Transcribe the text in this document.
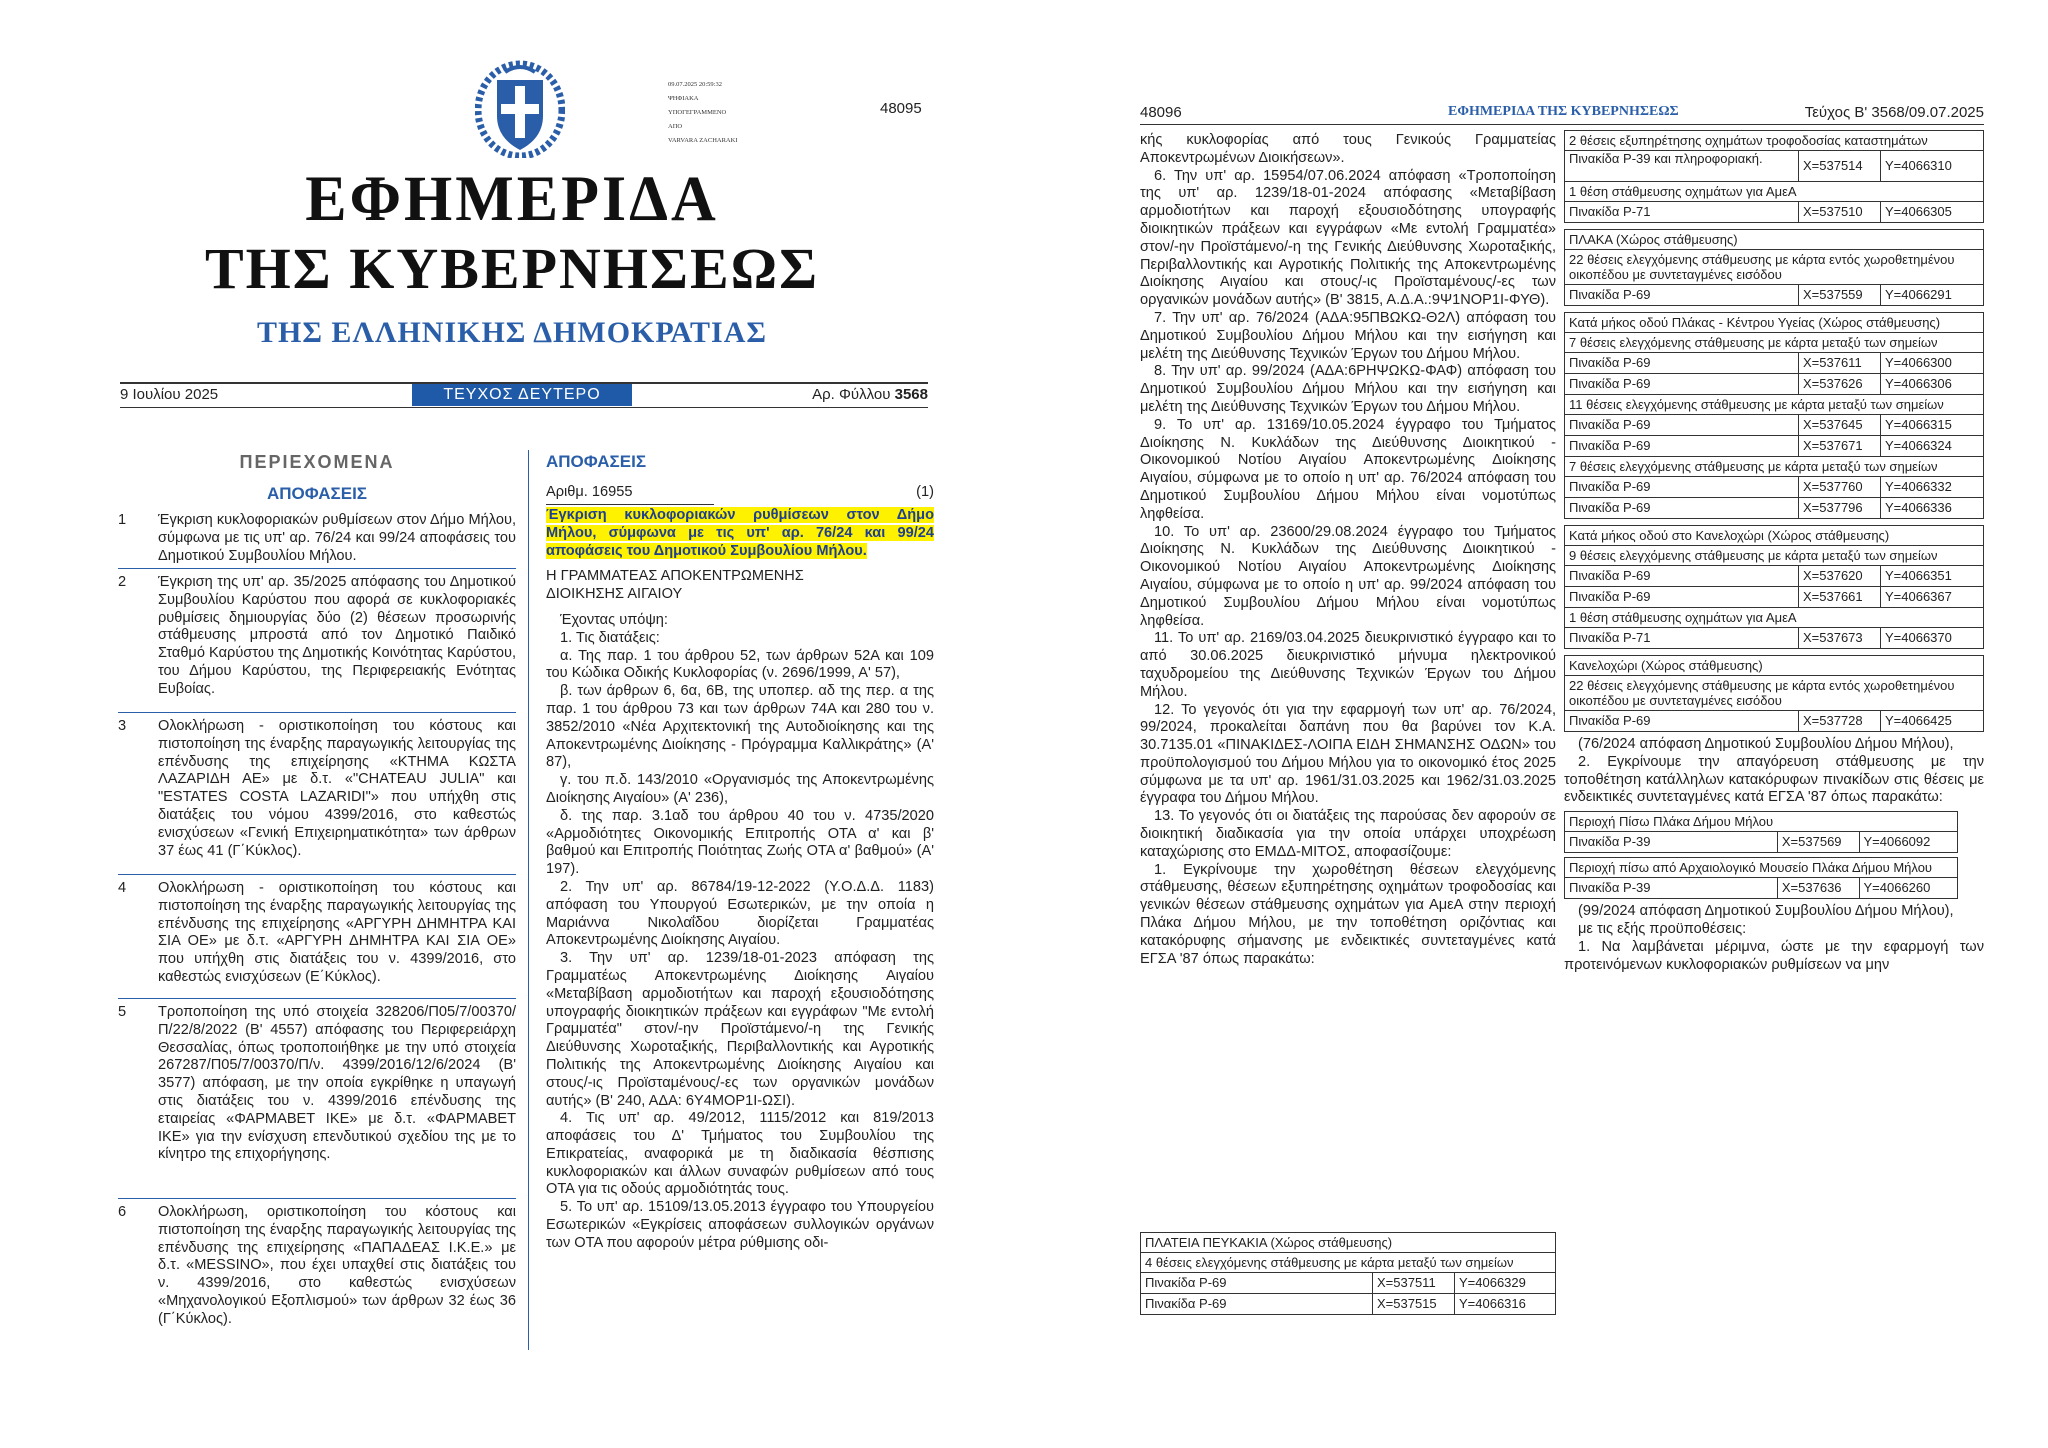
09.07.2025 20:59:32
ΨΗΦΙΑΚΑ
ΥΠΟΓΕΓΡΑΜΜΕΝΟ
ΑΠΟ
VARVARA ZACHARAKI
48095
ΕΦΗΜΕΡΙΔΑ
ΤΗΣ ΚΥΒΕΡΝΗΣΕΩΣ
ΤΗΣ ΕΛΛΗΝΙΚΗΣ ΔΗΜΟΚΡΑΤΙΑΣ
9 Ιουλίου 2025	ΤΕΥΧΟΣ ΔΕΥΤΕΡΟ	Αρ. Φύλλου 3568
ΠΕΡΙΕΧΟΜΕΝΑ
ΑΠΟΦΑΣΕΙΣ
1 Έγκριση κυκλοφοριακών ρυθμίσεων στον Δήμο Μήλου, σύμφωνα με τις υπ' αρ. 76/24 και 99/24 αποφάσεις του Δημοτικού Συμβουλίου Μήλου.

2 Έγκριση της υπ' αρ. 35/2025 απόφασης του Δημοτικού Συμβουλίου Καρύστου που αφορά σε κυκλοφοριακές ρυθμίσεις δημιουργίας δύο (2) θέσεων προσωρινής στάθμευσης μπροστά από τον Δημοτικό Παιδικό Σταθμό Καρύστου της Δημοτικής Κοινότητας Καρύστου, του Δήμου Καρύστου, της Περιφερειακής Ενότητας Ευβοίας.

3 Ολοκλήρωση - οριστικοποίηση του κόστους και πιστοποίηση της έναρξης παραγωγικής λειτουργίας της επένδυσης της επιχείρησης «ΚΤΗΜΑ ΚΩΣΤΑ ΛΑΖΑΡΙΔΗ ΑΕ» με δ.τ. «"CHATEAU JULIA" και "ESTATES COSTA LAZARIDI"» που υπήχθη στις διατάξεις του νόμου 4399/2016, στο καθεστώς ενισχύσεων «Γενική Επιχειρηματικότητα» των άρθρων 37 έως 41 (Γ΄Κύκλος).

4 Ολοκλήρωση - οριστικοποίηση του κόστους και πιστοποίηση της έναρξης παραγωγικής λειτουργίας της επένδυσης της επιχείρησης «ΑΡΓΥΡΗ ΔΗΜΗΤΡΑ ΚΑΙ ΣΙΑ ΟΕ» με δ.τ. «ΑΡΓΥΡΗ ΔΗΜΗΤΡΑ ΚΑΙ ΣΙΑ ΟΕ» που υπήχθη στις διατάξεις του ν. 4399/2016, στο καθεστώς ενισχύσεων (Ε΄Κύκλος).

5 Τροποποίηση της υπό στοιχεία 328206/Π05/7/00370/ Π/22/8/2022 (Β' 4557) απόφασης του Περιφερειάρχη Θεσσαλίας, όπως τροποποιήθηκε με την υπό στοιχεία 267287/Π05/7/00370/Π/ν. 4399/2016/12/6/2024 (Β' 3577) απόφαση, με την οποία εγκρίθηκε η υπαγωγή στις διατάξεις του ν. 4399/2016 επένδυσης της εταιρείας «ΦΑΡΜΑΒΕΤ ΙΚΕ» με δ.τ. «ΦΑΡΜΑΒΕΤ ΙΚΕ» για την ενίσχυση επενδυτικού σχεδίου της με το κίνητρο της επιχορήγησης.

6 Ολοκλήρωση, οριστικοποίηση του κόστους και πιστοποίηση της έναρξης παραγωγικής λειτουργίας της επένδυσης της επιχείρησης «ΠΑΠΑΔΕΑΣ Ι.Κ.Ε.» με δ.τ. «MESSINO», που έχει υπαχθεί στις διατάξεις του ν. 4399/2016, στο καθεστώς ενισχύσεων «Μηχανολογικού Εξοπλισμού» των άρθρων 32 έως 36 (Γ΄Κύκλος).

ΑΠΟΦΑΣΕΙΣ
Αριθμ. 16955	(1)

Έγκριση κυκλοφοριακών ρυθμίσεων στον Δήμο Μήλου, σύμφωνα με τις υπ' αρ. 76/24 και 99/24 αποφάσεις του Δημοτικού Συμβουλίου Μήλου.

Η ΓΡΑΜΜΑΤΕΑΣ ΑΠΟΚΕΝΤΡΩΜΕΝΗΣ

ΔΙΟΙΚΗΣΗΣ ΑΙΓΑΙΟΥ

Έχοντας υπόψη:

1. Τις διατάξεις:

α. Της παρ. 1 του άρθρου 52, των άρθρων 52Α και 109 του Κώδικα Οδικής Κυκλοφορίας (ν. 2696/1999, Α' 57),

β. των άρθρων 6, 6α, 6Β, της υποπερ. αδ της περ. α της παρ. 1 του άρθρου 73 και των άρθρων 74Α και 280 του ν. 3852/2010 «Νέα Αρχιτεκτονική της Αυτοδιοίκησης και της Αποκεντρωμένης Διοίκησης - Πρόγραμμα Καλλικράτης» (Α' 87),

γ. του π.δ. 143/2010 «Οργανισμός της Αποκεντρωμένης Διοίκησης Αιγαίου» (Α' 236),

δ. της παρ. 3.1αδ του άρθρου 40 του ν. 4735/2020 «Αρμοδιότητες Οικονομικής Επιτροπής ΟΤΑ α' και β' βαθμού και Επιτροπής Ποιότητας Ζωής ΟΤΑ α' βαθμού» (Α' 197).

2. Την υπ' αρ. 86784/19-12-2022 (Υ.Ο.Δ.Δ. 1183) απόφαση του Υπουργού Εσωτερικών, με την οποία η Μαριάννα Νικολαΐδου διορίζεται Γραμματέας Αποκεντρωμένης Διοίκησης Αιγαίου.

3. Την υπ' αρ. 1239/18-01-2023 απόφαση της Γραμματέως Αποκεντρωμένης Διοίκησης Αιγαίου «Μεταβίβαση αρμοδιοτήτων και παροχή εξουσιοδότησης υπογραφής διοικητικών πράξεων και εγγράφων "Με εντολή Γραμματέα" στον/-ην Προϊστάμενο/-η της Γενικής Διεύθυνσης Χωροταξικής, Περιβαλλοντικής και Αγροτικής Πολιτικής της Αποκεντρωμένης Διοίκησης Αιγαίου και στους/-ις Προϊσταμένους/-ες των οργανικών μονάδων αυτής» (Β' 240, ΑΔΑ: 6Υ4ΜΟΡ1Ι-ΩΣΙ).

4. Τις υπ' αρ. 49/2012, 1115/2012 και 819/2013 αποφάσεις του Δ' Τμήματος του Συμβουλίου της Επικρατείας, αναφορικά με τη διαδικασία θέσπισης κυκλοφοριακών και άλλων συναφών ρυθμίσεων από τους ΟΤΑ για τις οδούς αρμοδιότητάς τους.

5. Το υπ' αρ. 15109/13.05.2013 έγγραφο του Υπουργείου Εσωτερικών «Εγκρίσεις αποφάσεων συλλογικών οργάνων των ΟΤΑ που αφορούν μέτρα ρύθμισης οδι-

48096	ΕΦΗΜΕΡΙΔΑ ΤΗΣ ΚΥΒΕΡΝΗΣΕΩΣ	Τεύχος Β' 3568/09.07.2025

κής κυκλοφορίας από τους Γενικούς Γραμματείας Αποκεντρωμένων Διοικήσεων».

6. Την υπ' αρ. 15954/07.06.2024 απόφαση «Τροποποίηση της υπ' αρ. 1239/18-01-2024 απόφασης «Μεταβίβαση αρμοδιοτήτων και παροχή εξουσιοδότησης υπογραφής διοικητικών πράξεων και εγγράφων «Με εντολή Γραμματέα» στον/-ην Προϊστάμενο/-η της Γενικής Διεύθυνσης Χωροταξικής, Περιβαλλοντικής και Αγροτικής Πολιτικής της Αποκεντρωμένης Διοίκησης Αιγαίου και στους/-ις Προϊσταμένους/-ες των οργανικών μονάδων αυτής» (Β' 3815, Α.Δ.Α.:9Ψ1ΝΟΡ1Ι-ΦΥΘ).

7. Την υπ' αρ. 76/2024 (ΑΔΑ:95ΠΒΩΚΩ-Θ2Λ) απόφαση του Δημοτικού Συμβουλίου Δήμου Μήλου και την εισήγηση και μελέτη της Διεύθυνσης Τεχνικών Έργων του Δήμου Μήλου.

8. Την υπ' αρ. 99/2024 (ΑΔΑ:6ΡΗΨΩΚΩ-ΦΑΦ) απόφαση του Δημοτικού Συμβουλίου Δήμου Μήλου και την εισήγηση και μελέτη της Διεύθυνσης Τεχνικών Έργων του Δήμου Μήλου.

9. Το υπ' αρ. 13169/10.05.2024 έγγραφο του Τμήματος Διοίκησης Ν. Κυκλάδων της Διεύθυνσης Διοικητικού - Οικονομικού Νοτίου Αιγαίου Αποκεντρωμένης Διοίκησης Αιγαίου, σύμφωνα με το οποίο η υπ' αρ. 76/2024 απόφαση του Δημοτικού Συμβουλίου Δήμου Μήλου είναι νομοτύπως ληφθείσα.

10. Το υπ' αρ. 23600/29.08.2024 έγγραφο του Τμήματος Διοίκησης Ν. Κυκλάδων της Διεύθυνσης Διοικητικού - Οικονομικού Νοτίου Αιγαίου Αποκεντρωμένης Διοίκησης Αιγαίου, σύμφωνα με το οποίο η υπ' αρ. 99/2024 απόφαση του Δημοτικού Συμβουλίου Δήμου Μήλου είναι νομοτύπως ληφθείσα.

11. Το υπ' αρ. 2169/03.04.2025 διευκρινιστικό έγγραφο και το από 30.06.2025 διευκρινιστικό μήνυμα ηλεκτρονικού ταχυδρομείου της Διεύθυνσης Τεχνικών Έργων του Δήμου Μήλου.

12. Το γεγονός ότι για την εφαρμογή των υπ' αρ. 76/2024, 99/2024, προκαλείται δαπάνη που θα βαρύνει τον Κ.Α. 30.7135.01 «ΠΙΝΑΚΙΔΕΣ-ΛΟΙΠΑ ΕΙΔΗ ΣΗΜΑΝΣΗΣ ΟΔΩΝ» του προϋπολογισμού του Δήμου Μήλου για το οικονομικό έτος 2025 σύμφωνα με τα υπ' αρ. 1961/31.03.2025 και 1962/31.03.2025 έγγραφα του Δήμου Μήλου.

13. Το γεγονός ότι οι διατάξεις της παρούσας δεν αφορούν σε διοικητική διαδικασία για την οποία υπάρχει υποχρέωση καταχώρισης στο ΕΜΔΔ-ΜΙΤΟΣ, αποφασίζουμε:

1. Εγκρίνουμε την χωροθέτηση θέσεων ελεγχόμενης στάθμευσης, θέσεων εξυπηρέτησης οχημάτων τροφοδοσίας και γενικών θέσεων στάθμευσης οχημάτων για ΑμεΑ στην περιοχή Πλάκα Δήμου Μήλου, με την τοποθέτηση οριζόντιας και κατακόρυφης σήμανσης με ενδεικτικές συντεταγμένες κατά ΕΓΣΑ '87 όπως παρακάτω:

ΠΛΑΤΕΙΑ ΠΕΥΚΑΚΙΑ (Χώρος στάθμευσης)
4 θέσεις ελεγχόμενης στάθμευσης με κάρτα μεταξύ των σημείων
Πινακίδα Ρ-69	X=537511	Y=4066329
Πινακίδα Ρ-69	X=537515	Y=4066316
2 θέσεις εξυπηρέτησης οχημάτων τροφοδοσίας καταστημάτων
Πινακίδα Ρ-39 και πληροφοριακή.	X=537514	Y=4066310
1 θέση στάθμευσης οχημάτων για ΑμεΑ
Πινακίδα Ρ-71	X=537510	Y=4066305
ΠΛΑΚΑ (Χώρος στάθμευσης)
22 θέσεις ελεγχόμενης στάθμευσης με κάρτα εντός χωροθετημένου οικοπέδου με συντεταγμένες εισόδου
Πινακίδα Ρ-69	X=537559	Y=4066291
Κατά μήκος οδού Πλάκας - Κέντρου Υγείας (Χώρος στάθμευσης)
7 θέσεις ελεγχόμενης στάθμευσης με κάρτα μεταξύ των σημείων
Πινακίδα Ρ-69	X=537611	Y=4066300
Πινακίδα Ρ-69	X=537626	Y=4066306
11 θέσεις ελεγχόμενης στάθμευσης με κάρτα μεταξύ των σημείων
Πινακίδα Ρ-69	X=537645	Y=4066315
Πινακίδα Ρ-69	X=537671	Y=4066324
7 θέσεις ελεγχόμενης στάθμευσης με κάρτα μεταξύ των σημείων
Πινακίδα Ρ-69	X=537760	Y=4066332
Πινακίδα Ρ-69	X=537796	Y=4066336
Κατά μήκος οδού στο Κανελοχώρι (Χώρος στάθμευσης)
9 θέσεις ελεγχόμενης στάθμευσης με κάρτα μεταξύ των σημείων
Πινακίδα Ρ-69	X=537620	Y=4066351
Πινακίδα Ρ-69	X=537661	Y=4066367
1 θέση στάθμευσης οχημάτων για ΑμεΑ
Πινακίδα Ρ-71	X=537673	Y=4066370
Κανελοχώρι (Χώρος στάθμευσης)
22 θέσεις ελεγχόμενης στάθμευσης με κάρτα εντός χωροθετημένου οικοπέδου με συντεταγμένες εισόδου
Πινακίδα Ρ-69	X=537728	Y=4066425

(76/2024 απόφαση Δημοτικού Συμβουλίου Δήμου Μήλου),

2. Εγκρίνουμε την απαγόρευση στάθμευσης με την τοποθέτηση κατάλληλων κατακόρυφων πινακίδων στις θέσεις με ενδεικτικές συντεταγμένες κατά ΕΓΣΑ '87 όπως παρακάτω:

Περιοχή Πίσω Πλάκα Δήμου Μήλου
Πινακίδα Ρ-39	X=537569	Y=4066092
Περιοχή πίσω από Αρχαιολογικό Μουσείο Πλάκα Δήμου Μήλου
Πινακίδα Ρ-39	X=537636	Y=4066260

(99/2024 απόφαση Δημοτικού Συμβουλίου Δήμου Μήλου),

με τις εξής προϋποθέσεις:

1. Να λαμβάνεται μέριμνα, ώστε με την εφαρμογή των προτεινόμενων κυκλοφοριακών ρυθμίσεων να μην
